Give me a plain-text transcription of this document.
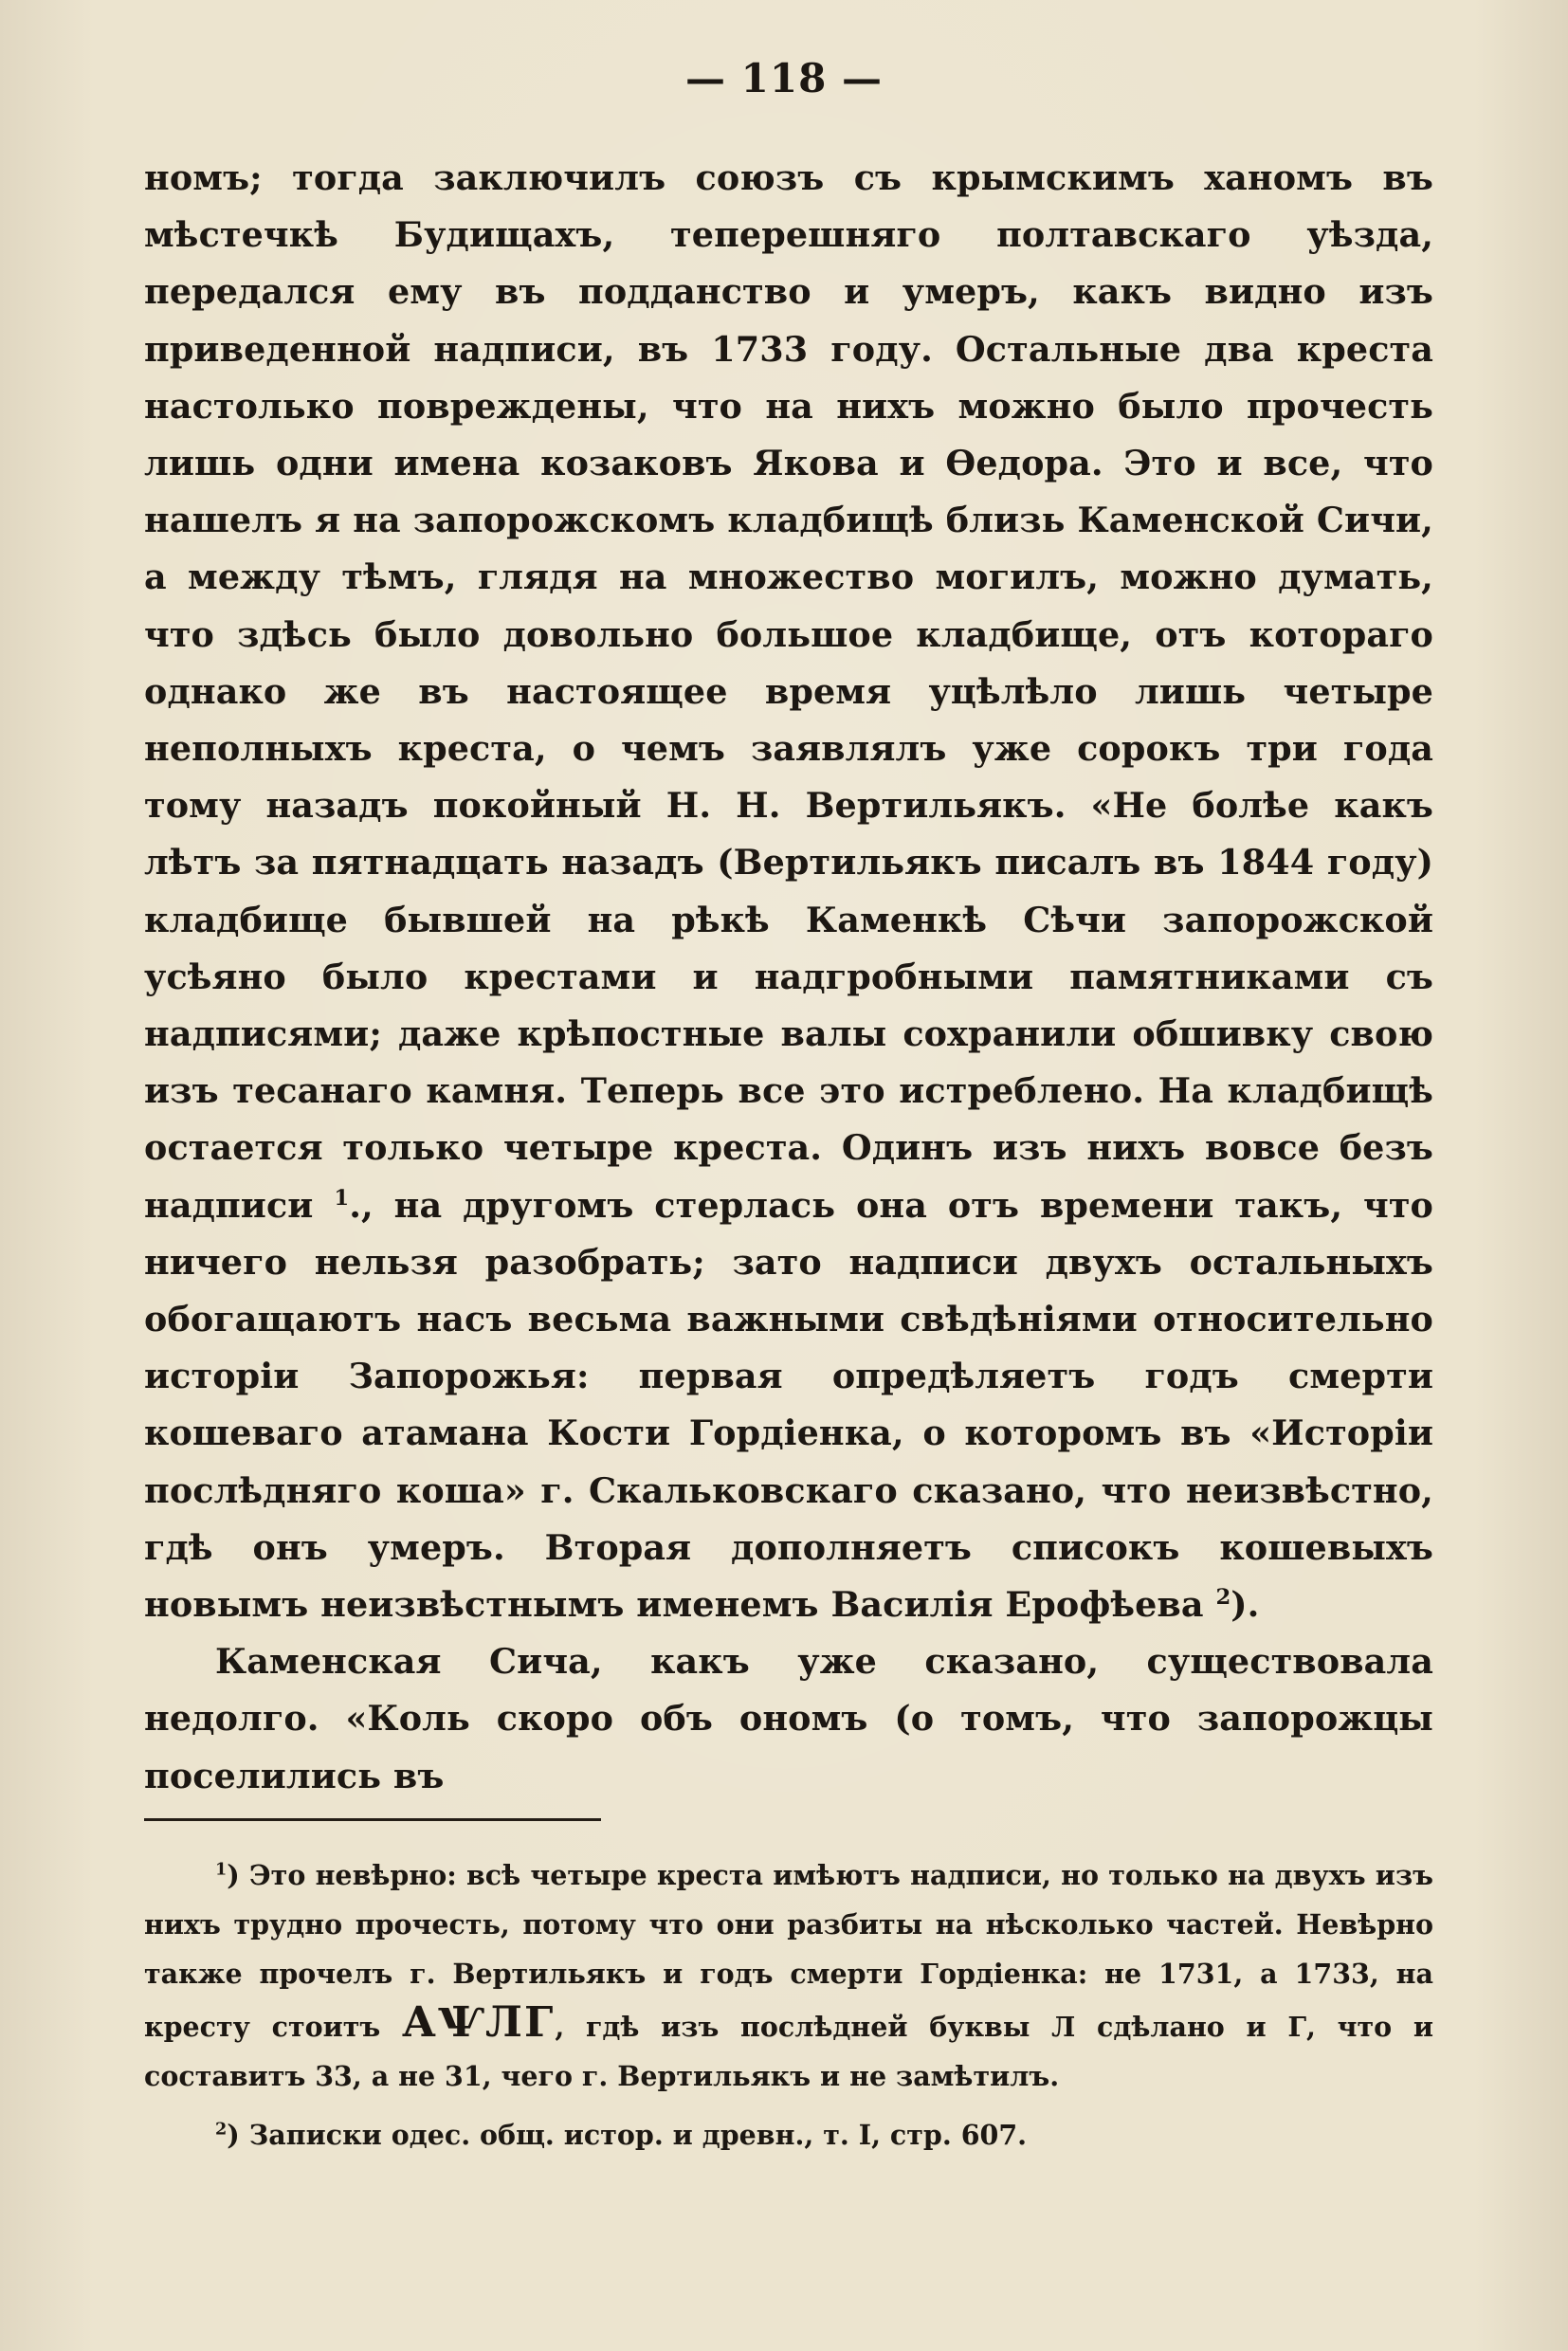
— 118 —

номъ; тогда заключилъ союзъ съ крымскимъ ханомъ въ мѣстечкѣ Будищахъ, теперешняго полтавскаго уѣзда, передался ему въ подданство и умеръ, какъ видно изъ приведенной надписи, въ 1733 году. Остальные два креста настолько повреждены, что на нихъ можно было прочесть лишь одни имена козаковъ Якова и Ѳедора. Это и все, что нашелъ я на запорожскомъ кладбищѣ близь Каменской Сичи, а между тѣмъ, глядя на множество могилъ, можно думать, что здѣсь было довольно большое кладбище, отъ котораго однако же въ настоящее время уцѣлѣло лишь четыре неполныхъ креста, о чемъ заявлялъ уже сорокъ три года тому назадъ покойный Н. Н. Вертильякъ. «Не болѣе какъ лѣтъ за пятнадцать назадъ (Вертильякъ писалъ въ 1844 году) кладбище бывшей на рѣкѣ Каменкѣ Сѣчи запорожской усѣяно было крестами и надгробными памятниками съ надписями; даже крѣпостные валы сохранили обшивку свою изъ тесанаго камня. Теперь все это истреблено. На кладбищѣ остается только четыре креста. Одинъ изъ нихъ вовсе безъ надписи $^1$., на другомъ стерлась она отъ времени такъ, что ничего нельзя разобрать; зато надписи двухъ остальныхъ обогащаютъ насъ весьма важными свѣдѣніями относительно исторіи Запорожья: первая опредѣляетъ годъ смерти кошеваго атамана Кости Гордіенка, о которомъ въ «Исторіи послѣдняго коша» г. Скальковскаго сказано, что неизвѣстно, гдѣ онъ умеръ. Вторая дополняетъ списокъ кошевыхъ новымъ неизвѣстнымъ именемъ Василія Ерофѣева $^2$).

Каменская Сича, какъ уже сказано, существовала недолго. «Коль скоро объ ономъ (о томъ, что запорожцы поселились въ

$^1$) Это невѣрно: всѣ четыре креста имѣютъ надписи, но только на двухъ изъ нихъ трудно прочесть, потому что они разбиты на нѣсколько частей. Невѣрно также прочелъ г. Вертильякъ и годъ смерти Гордіенка: не 1731, а 1733, на кресту стоитъ АѰЛГ, гдѣ изъ послѣдней буквы Л сдѣлано и Г, что и составитъ 33, а не 31, чего г. Вертильякъ и не замѣтилъ.

$^2$) Записки одес. общ. истор. и древн., т. I, стр. 607.
